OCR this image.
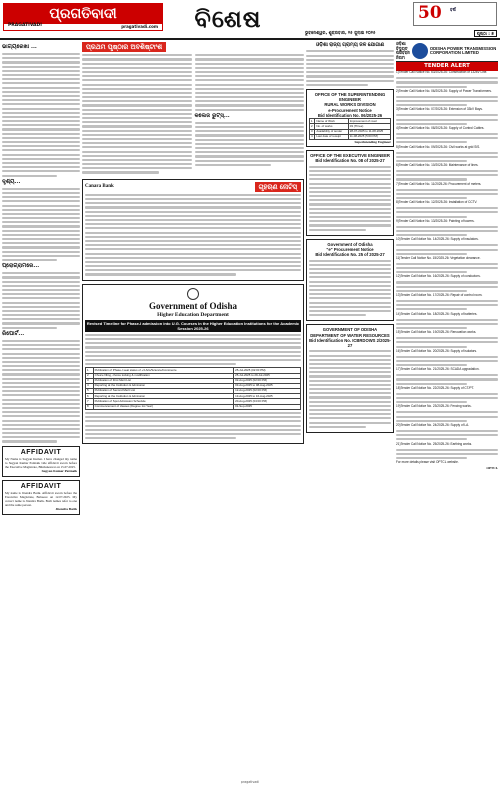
ପ୍ରଗତିବାଦୀ
PRAGATIVADI	pragativadi.com	ବିଶେଷ	50 ବର୍ଷ
ଭୁବନେଶ୍ୱର, ଶୁକ୍ରବାର, ୨୫ ଜୁଲାଇ ୨୦୨୫	ପୃଷ୍ଠା : ୭
ଭାଗ୍ୟରେଖା ...
ଦୃଶ୍ୟ...
ପ୍ରୋଗ୍ରାମରେ...
ରିପୋର୍ଟ...
AFFIDAVIT
My Name is Sugyan Kumar. I have changed my name to Sugyan Kumar Pattnaik vide affidavit sworn before the Executive Magistrate, Bhubaneswar on 15.07.2025.
Sugyan Kumar Pattnaik
AFFIDAVIT
My name is Jitendra Barik. Affidavit sworn before the Executive Magistrate, Balasore on 12.07.2025. My correct name is Jitendra Barik. Both names refer to one and the same person.
Jitendra Barik
ପ୍ରଥମ ପୃଷ୍ଠାର ଅବଶିଷ୍ଟାଂଶ
କଲେଜ ରୁଟ୍ସ୍...
Canara Bank	ଗୃହଋଣ ନୋଟିସ୍
Government of Odisha
Higher Education Department
Revised Timeline for Phase-I admission into U.G. Courses in the Higher Education Institutions for the Academic Session 2025-26
1	Publication of Phase-I seat status of +3 Arts/Science/Commerce	25-Jul-2025 (02:00 PM)
2	Choice filling, choice locking & modification	25-Jul-2025 to 29-Jul-2025
3	Publication of First Merit List	02-Aug-2025 (02:00 PM)
4	Reporting at the Institution & Admission	03-Aug-2025 to 08-Aug-2025
5	Publication of Second Merit List	12-Aug-2025 (02:00 PM)
6	Reporting at the Institution & Admission	13-Aug-2025 to 16-Aug-2025
7	Publication of Spot Admission Schedule	20-Aug-2025 (04:00 PM)
8	Commencement of classes (Degree 1st Year)	01-Sep-2025
ଓଡ଼ିଶା ରାଜ୍ୟ ଗ୍ରାମ୍ୟ ଜଳ ଯୋଗାଣ
OFFICE OF THE SUPERINTENDING ENGINEER
RURAL WORKS DIVISION
e-Procurement Notice
Bid Identification No. 06/2025-26
1	Name of Work	Improvement of road
2	No. of works	03 (Three)
3	Availability of tender	28-07-2025 to 11-08-2025
4	Last date of receipt	11-08-2025 (5:00 PM)
Superintending Engineer
OFFICE OF THE EXECUTIVE ENGINEER
Bid Identification No. 08 of 2025-27
Government of Odisha
"e" Procurement Notice
Bid Identification No. 25 of 2025-27
GOVERNMENT OF ODISHA
DEPARTMENT OF WATER RESOURCES
Bid Identification No. ICBRDOWS 2/2025-27
ଓଡ଼ିଶା ବିଦ୍ୟୁତ୍ ପରିବହନ ନିଗମ
ODISHA POWER TRANSMISSION CORPORATION LIMITED
TENDER ALERT
1)Tender Call Notice No. 63/2025-26: Construction of 132kV Line.
2)Tender Call Notice No. 06/2025-26: Supply of Power Transformers.
3)Tender Call Notice No. 07/2025-26: Extension of 33kV Bays.
4)Tender Call Notice No. 08/2025-26: Supply of Control Cables.
5)Tender Call Notice No. 09/2025-26: Civil works at grid S/S.
6)Tender Call Notice No. 10/2025-26: Maintenance of lines.
7)Tender Call Notice No. 11/2025-26: Procurement of meters.
8)Tender Call Notice No. 12/2025-26: Installation of CCTV.
9)Tender Call Notice No. 13/2025-26: Painting of towers.
10)Tender Call Notice No. 14/2025-26: Supply of insulators.
11)Tender Call Notice No. 15/2025-26: Vegetation clearance.
12)Tender Call Notice No. 16/2025-26: Supply of conductors.
13)Tender Call Notice No. 17/2025-26: Repair of control room.
14)Tender Call Notice No. 18/2025-26: Supply of batteries.
15)Tender Call Notice No. 19/2025-26: Renovation works.
16)Tender Call Notice No. 20/2025-26: Supply of isolators.
17)Tender Call Notice No. 21/2025-26: SCADA upgradation.
18)Tender Call Notice No. 22/2025-26: Supply of CT/PT.
19)Tender Call Notice No. 23/2025-26: Fencing works.
20)Tender Call Notice No. 24/2025-26: Supply of LA.
21)Tender Call Notice No. 25/2025-26: Earthing works.
For more details please visit OPTCL website.
OPTCL
pragativadi
